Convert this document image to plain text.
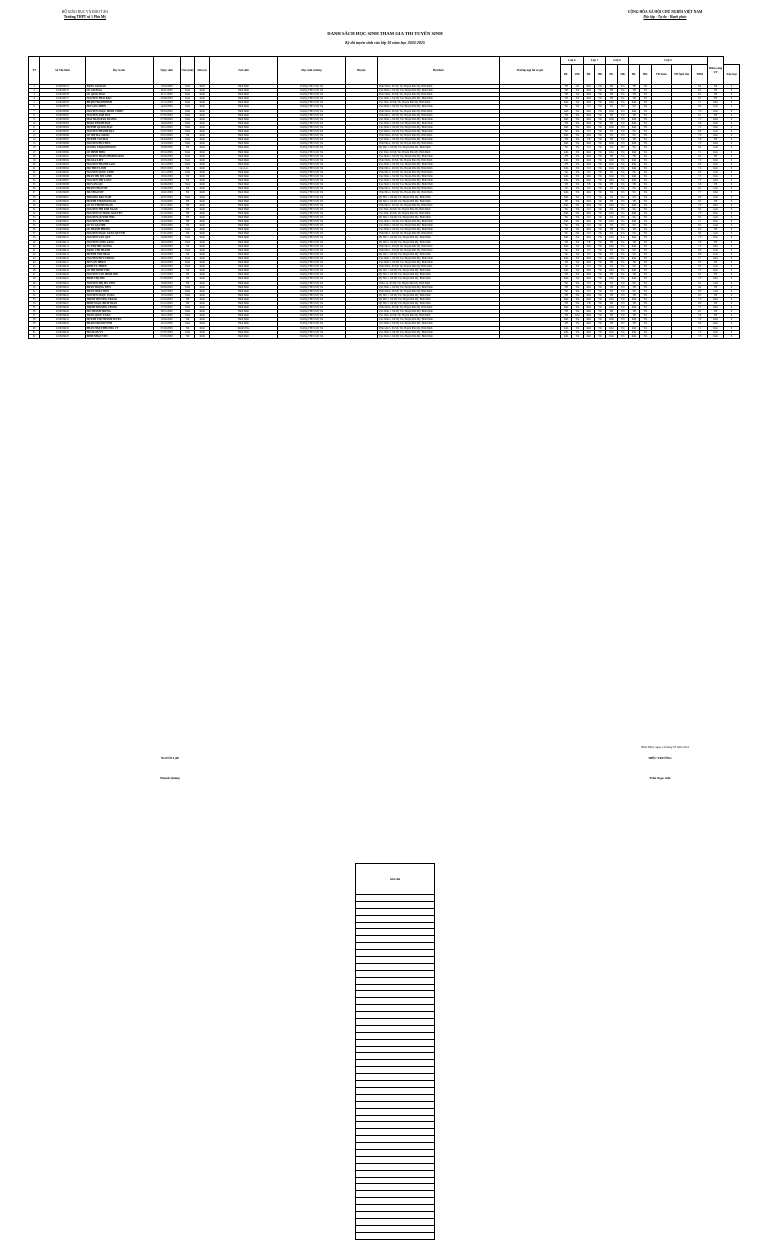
BỘ GIÁO DỤC VÀ ĐÀO TẠO
Trường THPT số 1 Phù Mỹ
CỘNG HÒA XÃ HỘI CHỦ NGHĨA VIỆT NAM
Độc lập - Tự do - Hạnh phúc
DANH SÁCH HỌC SINH THAM GIA THI TUYỂN SINH
Kỳ thi tuyển sinh vào lớp 10 năm học 2024-2025
TT	Số Thí Sinh	Họ và tên	Ngày sinh	Nam (nữ)	Dân tộc	Nơi sinh	Học sinh trường	Huyện	Hộ khẩu	Trường nộp hồ sơ gốc	Lớp 6		Lớp 7		Lớp 8		Lớp 9					Điểm cộng UT	
											HL	HK	HL	HK	HL	HK	HL	HK	TB Toán	TB Ngữ văn	TBM		Xếp loại
1	2108459374	ĐẶNG GIA BẢO	10/04/2009	Nam	Kinh	Bình Định	Trường THCS Mỹ Tài		Vĩnh Nhơn, Xã Mỹ Tài, Huyện Phù Mỹ, Bình Định		TB	Tốt	Khá	Tốt	TB	Tốt	TB	Tốt			6.4	TB	0
2	2108459375	LÊ GIA BẢO	28/01/2009	Nam	Kinh	Bình Định	Trường THCS Mỹ Tài		Vạn Ninh 2, Xã Mỹ Tài, Huyện Phù Mỹ, Bình Định		TB	Tốt	Khá	Tốt	TB	Tốt	TB	Tốt			6.3	TB	0
3	2108459376	LÊ QUỐC BẢO	01/11/2009	Nam	Kinh	Bình Định	Trường THCS Mỹ Tài		Vĩnh Nhơn, Xã Mỹ Tài, Huyện Phù Mỹ, Bình Định		TB	Tốt	Khá	Tốt	TB	Tốt	TB	Tốt			6.2	TB	0
4	2108459377	NGUYỄN THÁI BẢO	20/06/2009	Nam	Kinh	Bình Định	Trường THCS Mỹ Tài		Vạn Ninh 1, Xã Mỹ Tài, Huyện Phù Mỹ, Bình Định		TB	Tốt	Khá	Tốt	TB	Tốt	TB	Tốt			6.5	TB	0
5	2108459378	PHẠM THANH BÌNH	27/12/2009	Nam	Kinh	Bình Định	Trường THCS Mỹ Tài		Vạn Thái, Xã Mỹ Tài, Huyện Phù Mỹ, Bình Định		Khá	Tốt	Khá	Tốt	Khá	Tốt	Khá	Tốt			7.1	Khá	0
6	2108459379	HỒ VĂN CHIẾN	14/02/2009	Nam	Kinh	Bình Định	Trường THCS Mỹ Tài		Vạn Ninh 3, Xã Mỹ Tài, Huyện Phù Mỹ, Bình Định		Tốt	Tốt	Tốt	Tốt	Tốt	Tốt	Tốt	Tốt			8.2	Giỏi	0
7	2108459380	NGUYỄN NGỌC MINH CHIẾN	08/03/2009	Nam	Kinh	Bình Định	Trường THCS Mỹ Tài		Vĩnh Nhơn, Xã Mỹ Tài, Huyện Phù Mỹ, Bình Định		Khá	Tốt	Khá	Tốt	Khá	Tốt	Khá	Tốt			7.0	Khá	0
8	2108459381	NGUYỄN ANH DUY	07/05/2009	Nam	Kinh	Bình Định	Trường THCS Mỹ Tài		Vĩnh Phú 1, Xã Mỹ Tài, Huyện Phù Mỹ, Bình Định		TB	Tốt	Khá	Tốt	TB	Tốt	TB	Tốt			6.1	TB	0
9	2108459382	MAI TRẦN BẢO DƯƠNG	07/08/2009	Nam	Kinh	Bình Định	Trường THCS Mỹ Tài		Vạn Ninh 1, Xã Mỹ Tài, Huyện Phù Mỹ, Bình Định		Khá	Tốt	Khá	Tốt	Khá	Tốt	Khá	Tốt			7.3	Khá	0
10	2108459383	ĐOÀN THÀNH ĐẠT	19/09/2009	Nam	Kinh	Bình Định	Trường THCS Mỹ Tài		Vạn Ninh 2, Xã Mỹ Tài, Huyện Phù Mỹ, Bình Định		TB	Tốt	Khá	Tốt	TB	Tốt	Khá	Tốt			6.8	Khá	0
11	2108459384	HUỲNH QUANG ĐẠT	28/12/2009	Nam	Kinh	Bình Định	Trường THCS Mỹ Tài		Vạn Ninh 3, Xã Mỹ Tài, Huyện Phù Mỹ, Bình Định		Khá	Tốt	Khá	Tốt	Khá	Tốt	Khá	Tốt			7.2	Khá	0
12	2108459385	NGUYỄN THÀNH ĐẠT	25/07/2009	Nam	Kinh	Bình Định	Trường THCS Mỹ Tài		Vạn Ninh 2, Xã Mỹ Tài, Huyện Phù Mỹ, Bình Định		Tốt	Tốt	Tốt	Tốt	Tốt	Tốt	Tốt	Tốt			8.0	Giỏi	0
13	2108459386	LÊ THỊ HẠ GIANG	08/10/2009	Nữ	Kinh	Bình Định	Trường THCS Mỹ Tài		Vĩnh Nhơn, Xã Mỹ Tài, Huyện Phù Mỹ, Bình Định		Khá	Tốt	Khá	Tốt	Tốt	Tốt	Tốt	Tốt			7.6	Khá	0
14	2108459387	HUỲNH VĂN HẢI	06/04/2009	Nam	Kinh	Bình Định	Trường THCS Mỹ Tài		Vạn Ninh 1, Xã Mỹ Tài, Huyện Phù Mỹ, Bình Định		TB	Tốt	TB	Tốt	TB	Tốt	TB	Tốt			5.9	TB	0
15	2108459388	NGUYỄN HỮU ĐỨC	12/03/2009	Nam	Kinh	Bình Định	Trường THCS Mỹ Tài		Vĩnh Phú 2, Xã Mỹ Tài, Huyện Phù Mỹ, Bình Định		Khá	Tốt	Khá	Tốt	Khá	Tốt	Khá	Tốt			7.0	Khá	0
16	2108459389	LƯƠNG THỊ KIM HẰNG	30/08/2009	Nữ	Kinh	Bình Định	Trường THCS Mỹ Tài		Mỹ Hội 1, Xã Mỹ Tài, Huyện Phù Mỹ, Bình Định		Tốt	Tốt	Tốt	Tốt	Tốt	Tốt	Tốt	Tốt			8.4	Giỏi	0
17	2108459390	LÊ MINH HIẾU	08/10/2009	Nam	Kinh	Bình Định	Trường THCS Mỹ Tài		Vạn Thái, Xã Mỹ Tài, Huyện Phù Mỹ, Bình Định		Khá	Tốt	Khá	Tốt	Khá	Tốt	Khá	Tốt			7.1	Khá	0
18	2108459391	NGUYỄN TRẦN MINH HOÀNG	08/06/2009	Nam	Kinh	Bình Định	Trường THCS Mỹ Tài		Vạn Ninh 2, Xã Mỹ Tài, Huyện Phù Mỹ, Bình Định		TB	Tốt	Khá	Tốt	TB	Tốt	TB	Tốt			6.3	TB	0
19	2108459392	HỒ GIA KIỆT	23/05/2009	Nam	Kinh	Bình Định	Trường THCS Mỹ Tài		Vĩnh Nhơn, Xã Mỹ Tài, Huyện Phù Mỹ, Bình Định		Khá	Tốt	Khá	Tốt	Khá	Tốt	Khá	Tốt			7.0	Khá	0
20	2108459393	NGUYỄN THÀNH LÂM	14/12/2009	Nam	Kinh	Bình Định	Trường THCS Mỹ Tài		Vạn Ninh 3, Xã Mỹ Tài, Huyện Phù Mỹ, Bình Định		TB	Tốt	Khá	Tốt	Khá	Tốt	Khá	Tốt			6.9	Khá	0
21	2108459394	HỒ THÙY LINH	08/07/2009	Nữ	Kinh	Gia Lai	Trường THCS Mỹ Tài		Vĩnh Phú 1, Xã Mỹ Tài, Huyện Phù Mỹ, Bình Định		Khá	Tốt	Tốt	Tốt	Khá	Tốt	Khá	Tốt			7.4	Khá	0
22	2108459395	NGUYỄN QUỐC LINH	12/12/2009	Nam	Kinh	Bình Định	Trường THCS Mỹ Tài		Vĩnh Phú 2, Xã Mỹ Tài, Huyện Phù Mỹ, Bình Định		Tốt	Tốt	Tốt	Tốt	Tốt	Tốt	Tốt	Tốt			8.0	Giỏi	0
23	2108459396	PHAN THỊ MỸ LINH	18/06/2009	Nữ	Kinh	Bình Định	Trường THCS Mỹ Tài		Vạn Ninh 1, Xã Mỹ Tài, Huyện Phù Mỹ, Bình Định		Khá	Tốt	Khá	Tốt	Khá	Tốt	Khá	Tốt			7.5	Khá	0
24	2108459397	NGUYỄN THỊ LOAN	02/03/2009	Nữ	Kinh	Bình Định	Trường THCS Mỹ Tài		Vạn Ninh 2, Xã Mỹ Tài, Huyện Phù Mỹ, Bình Định		Khá	Tốt	Khá	Tốt	Khá	Tốt	Khá	Tốt			7.2	Khá	0
25	2108459398	HỒ VĂN LỘC	04/09/2009	Nam	Kinh	Bình Định	Trường THCS Mỹ Tài		Vạn Ninh 3, Xã Mỹ Tài, Huyện Phù Mỹ, Bình Định		TB	Tốt	TB	Tốt	TB	Tốt	TB	Tốt			5.8	TB	0
26	2108459399	PHẠM THẢO MY	25/06/2009	Nữ	Kinh	Bình Định	Trường THCS Mỹ Tài		Vĩnh Phú 1, Xã Mỹ Tài, Huyện Phù Mỹ, Bình Định		Tốt	Tốt	Tốt	Tốt	Tốt	Tốt	Tốt	Tốt			8.1	Giỏi	0
27	2108459400	HÀ THẢO MY	14/01/2009	Nữ	Kinh	Bình Định	Trường THCS Mỹ Tài		Vĩnh Phú 2, Xã Mỹ Tài, Huyện Phù Mỹ, Bình Định		Khá	Tốt	Khá	Tốt	Tốt	Tốt	Tốt	Tốt			7.7	Khá	0
28	2108459401	TRƯƠNG BẢO NAM	29/07/2009	Nam	Kinh	Bình Định	Trường THCS Mỹ Tài		Mỹ Hội 1, Xã Mỹ Tài, Huyện Phù Mỹ, Bình Định		Khá	Tốt	Tốt	Tốt	Tốt	Tốt	Tốt	Tốt			8.0	Giỏi	0
29	2108459402	HUỲNH THỊ KIM NGÂN	15/04/2009	Nữ	Kinh	Bình Định	Trường THCS Mỹ Tài		Mỹ Hội 2, Xã Mỹ Tài, Huyện Phù Mỹ, Bình Định		TB	Tốt	Khá	Tốt	TB	Tốt	TB	Tốt			6.5	TB	0
30	2108459403	LÊ VŨ THANH NGÂN	01/11/2009	Nữ	Kinh	Bình Định	Trường THCS Mỹ Tài		Vĩnh Phú 2, Xã Mỹ Tài, Huyện Phù Mỹ, Bình Định		Khá	Tốt	Khá	Tốt	Khá	Tốt	Khá	Tốt			7.0	Khá	0
31	2108459404	NGUYỄN THỊ KIM NGÂN	17/06/2009	Nữ	Kinh	Bình Định	Trường THCS Mỹ Tài		Vạn Thái, Xã Mỹ Tài, Huyện Phù Mỹ, Bình Định		Tốt	Tốt	Tốt	Tốt	Tốt	Tốt	Tốt	Tốt			8.2	Giỏi	0
32	2108459405	NGUYỄN LÊ HỒNG NGUYÊN	01/10/2009	Nữ	Kinh	Bình Định	Trường THCS Mỹ Tài		Vạn Thái, Xã Mỹ Tài, Huyện Phù Mỹ, Bình Định		Khá	Tốt	Khá	Tốt	Khá	Tốt	Khá	Tốt			7.3	Khá	0
33	2108459406	NGUYỄN QUỲNH NHƯ	11/08/2009	Nữ	Kinh	Bình Định	Trường THCS Mỹ Tài		Mỹ Hội 2, Xã Mỹ Tài, Huyện Phù Mỹ, Bình Định		Tốt	Tốt	Tốt	Tốt	Tốt	Tốt	Tốt	Tốt			8.5	Giỏi	0
34	2108459407	NGUYỄN YẾN NHI	24/02/2009	Nữ	Kinh	Bình Định	Trường THCS Mỹ Tài		Vạn Ninh 1, Xã Mỹ Tài, Huyện Phù Mỹ, Bình Định		Khá	Tốt	Khá	Tốt	Khá	Tốt	Khá	Tốt			7.1	Khá	0
35	2108459408	LÊ VŨ GIA NHI	18/05/2009	Nữ	Kinh	Bình Định	Trường THCS Mỹ Tài		Vạn Ninh 2, Xã Mỹ Tài, Huyện Phù Mỹ, Bình Định		Tốt	Tốt	Tốt	Tốt	Tốt	Tốt	Tốt	Tốt			8.3	Giỏi	0
36	2108459409	LÊ THANH PHONG	12/04/2009	Nam	Kinh	Bình Định	Trường THCS Mỹ Tài		Vạn Ninh 3, Xã Mỹ Tài, Huyện Phù Mỹ, Bình Định		TB	Tốt	Khá	Tốt	TB	Tốt	TB	Tốt			6.2	TB	0
37	2108459410	NGUYỄN NGỌC XUÂN QUỲNH	07/01/2009	Nữ	Kinh	Bình Định	Trường THCS Mỹ Tài		Vĩnh Phú 1, Xã Mỹ Tài, Huyện Phù Mỹ, Bình Định		Tốt	Tốt	Tốt	Tốt	Tốt	Tốt	Tốt	Tốt			8.4	Giỏi	0
38	2108459411	NGUYỄN VĂN QUÝ	26/06/2009	Nam	Kinh	Bình Định	Trường THCS Mỹ Tài		Mỹ Hội 1, Xã Mỹ Tài, Huyện Phù Mỹ, Bình Định		Khá	Tốt	Khá	Tốt	Khá	Tốt	Khá	Tốt			7.0	Khá	0
39	2108459412	NGUYỄN CÔNG SANG	18/03/2009	Nam	Kinh	Bình Định	Trường THCS Mỹ Tài		Mỹ Hội 2, Xã Mỹ Tài, Huyện Phù Mỹ, Bình Định		TB	Tốt	TB	Tốt	TB	Tốt	TB	Tốt			5.9	TB	0
40	2108459413	TÔ THỊ THU SƯƠNG	24/09/2009	Nữ	Kinh	Bình Định	Trường THCS Mỹ Tài		Vĩnh Phú 2, Xã Mỹ Tài, Huyện Phù Mỹ, Bình Định		Khá	Tốt	Khá	Tốt	Khá	Tốt	Khá	Tốt			7.2	Khá	0
41	2108459414	ĐẶNG CHÍ THANH	28/10/2009	Nam	Kinh	Bình Định	Trường THCS Mỹ Tài		Vĩnh Phú 1, Xã Mỹ Tài, Huyện Phù Mỹ, Bình Định		Tốt	Tốt	Tốt	Tốt	Tốt	Tốt	Tốt	Tốt			8.0	Giỏi	0
42	2108459415	HUỲNH THỊ THẢO	25/02/2009	Nữ	Kinh	Bình Định	Trường THCS Mỹ Tài		Mỹ Hội 1, Xã Mỹ Tài, Huyện Phù Mỹ, Bình Định		Tốt	Tốt	Tốt	Tốt	Tốt	Tốt	Tốt	Tốt			8.6	Giỏi	0
43	2108459416	NGUYỄN HỮU THẮNG	29/01/2009	Nam	Kinh	Bình Định	Trường THCS Mỹ Tài		Vạn Ninh 1, Xã Mỹ Tài, Huyện Phù Mỹ, Bình Định		Khá	Tốt	Khá	Tốt	Khá	Tốt	Khá	Tốt			7.1	Khá	0
44	2108459417	HỒ VĂN THIỆN	28/03/2009	Nam	Kinh	Bình Định	Trường THCS Mỹ Tài		Vạn Ninh 2, Xã Mỹ Tài, Huyện Phù Mỹ, Bình Định		TB	Tốt	Khá	Tốt	TB	Tốt	TB	Tốt			6.3	TB	0
45	2108459418	ĐINH VŨ THIỆN	28/09/2009	Nam	Kinh	Bình Định	Trường THCS Mỹ Tài		Vĩnh Nhơn, Xã Mỹ Tài, Huyện Phù Mỹ, Bình Định		Tốt	Tốt	Tốt	Tốt	Tốt	Tốt	Tốt	Tốt			8.3	Giỏi	0
46	2108459419	LÊ THỊ MINH THU	13/12/2009	Nữ	Kinh	Bình Định	Trường THCS Mỹ Tài		Mỹ Hội 1, Xã Mỹ Tài, Huyện Phù Mỹ, Bình Định		Khá	Tốt	Khá	Tốt	Khá	Tốt	Khá	Tốt			7.4	Khá	0
47	2108459420	NGUYỄN VĂN MINH THƯ	21/07/2009	Nữ	Kinh	Bình Định	Trường THCS Mỹ Tài		Mỹ Hội 2, Xã Mỹ Tài, Huyện Phù Mỹ, Bình Định		TB	Tốt	Khá	Tốt	TB	Tốt	TB	Tốt			6.2	TB	0
48	2108459421	ĐINH THỊ THƯ	07/08/2009	Nữ	Kinh	Bình Định	Trường THCS Mỹ Tài		Mỹ Hội 3, Xã Mỹ Tài, Huyện Phù Mỹ, Bình Định		Khá	Tốt	Khá	Tốt	Khá	Tốt	Khá	Tốt			7.0	Khá	0
49	2108459422	NGUYỄN THỊ MỸ TIÊN	18/09/2009	Nữ	Kinh	Bình Định	Trường THCS Mỹ Tài		Vĩnh Lợi, Xã Mỹ Tài, Huyện Phù Mỹ, Bình Định		Tốt	Tốt	Tốt	Tốt	Tốt	Tốt	Tốt	Tốt			8.1	Giỏi	0
50	2108459423	PHAN TRỌNG TIẾN	09/06/2009	Nam	Kinh	Bình Định	Trường THCS Mỹ Tài		Vạn Ninh 1, Xã Mỹ Tài, Huyện Phù Mỹ, Bình Định		TB	Tốt	Khá	Tốt	TB	Tốt	TB	Tốt			6.4	TB	0
51	2108459424	PHAN NHẬT TIẾN	14/07/2009	Nam	Kinh	Bình Định	Trường THCS Mỹ Tài		Vĩnh Nhơn, Xã Mỹ Tài, Huyện Phù Mỹ, Bình Định		Tốt	Tốt	Tốt	Tốt	Tốt	Tốt	Tốt	Tốt			8.0	Giỏi	0
52	2108459425	NGUYỄN NGỌC TOÀN	13/10/2009	Nam	Kinh	Bình Định	Trường THCS Mỹ Tài		Mỹ Hội 1, Xã Mỹ Tài, Huyện Phù Mỹ, Bình Định		TB	Tốt	Khá	Tốt	TB	Tốt	TB	Tốt			6.5	TB	0
53	2108459426	TRỊNH THƯỜNG TRANG	03/04/2009	Nữ	Kinh	Bình Định	Trường THCS Mỹ Tài		Mỹ Hội 2, Xã Mỹ Tài, Huyện Phù Mỹ, Bình Định		Khá	Tốt	Khá	Tốt	Khá	Tốt	Khá	Tốt			7.3	Khá	0
54	2108459427	ĐINH NGỌC BÍCH TRÂN	01/12/2009	Nữ	Kinh	Bình Định	Trường THCS Mỹ Tài		Mỹ Hội 3, Xã Mỹ Tài, Huyện Phù Mỹ, Bình Định		TB	Tốt	TB	Tốt	TB	Tốt	TB	Tốt			6.0	TB	0
55	2108459428	TRỊNH THƯỜNG TRUNG	17/03/2009	Nam	Kinh	Bình Định	Trường THCS Mỹ Tài		Vĩnh Nhơn, Xã Mỹ Tài, Huyện Phù Mỹ, Bình Định		Khá	Tốt	Khá	Tốt	Khá	Tốt	Khá	Tốt			7.2	Khá	0
56	2108459429	HỒ THANH TRUNG	28/11/2009	Nam	Kinh	Bình Định	Trường THCS Mỹ Tài		Vạn Ninh 1, Xã Mỹ Tài, Huyện Phù Mỹ, Bình Định		TB	Tốt	Khá	Tốt	TB	Tốt	TB	Tốt			6.1	TB	0
57	2108459430	TRẦN QUỐC TUẤN	16/11/2009	Nam	Kinh	Bình Định	Trường THCS Mỹ Tài		Vạn Thái, Xã Mỹ Tài, Huyện Phù Mỹ, Bình Định		TB	Khá	Khá	Tốt	TB	Tốt	TB	Tốt			5.8	TB	0
58	2108459431	HUỲNH THỊ THANH TUYỀN	18/06/2009	Nữ	Kinh	Bình Định	Trường THCS Mỹ Tài		Vạn Ninh 2, Xã Mỹ Tài, Huyện Phù Mỹ, Bình Định		Khá	Tốt	Khá	Tốt	Khá	Tốt	Khá	Tốt			7.4	Khá	0
59	2108459432	PHẠM THANH VINH	24/10/2009	Nam	Kinh	Bình Định	Trường THCS Mỹ Tài		Vạn Ninh 3, Xã Mỹ Tài, Huyện Phù Mỹ, Bình Định		TB	Tốt	Khá	Tốt	TB	Tốt	TB	Tốt			6.9	Khá	0
60	2108459433	PHAN NHẬT PHƯƠNG VY	03/09/2009	Nữ	Kinh	Khánh Hòa	Trường THCS Mỹ Tài		Vĩnh phú 3, Xã Mỹ Tài, Huyện Phù Mỹ, Bình Định		Khá	Tốt	Khá	Tốt	Khá	Tốt	Khá	Tốt			7.1	Khá	0
61	2108459434	HỒ XUÂN VỸ	07/07/2009	Nam	Kinh	Bình Định	Trường THCS Mỹ Tài		Vạn Ninh 3, Xã Mỹ Tài, Huyện Phù Mỹ, Bình Định		Khá	Tốt	Khá	Tốt	Khá	Tốt	Khá	Tốt			7.2	Khá	0
62	2108459435	ĐINH NHẬT YẾN	05/05/2009	Nữ	Kinh	Bình Định	Trường THCS Mỹ Tài		Vạn Ninh 2, Xã Mỹ Tài, Huyện Phù Mỹ, Bình Định		Khá	Tốt	Khá	Tốt	Khá	Tốt	Khá	Tốt			7.0	Khá	0
Bình Định, ngày 14 tháng 05 năm 2024
NGƯỜI LẬP	HIỆU TRƯỞNG
Huỳnh Quang	Trần Ngọc Anh
Ghi chú
